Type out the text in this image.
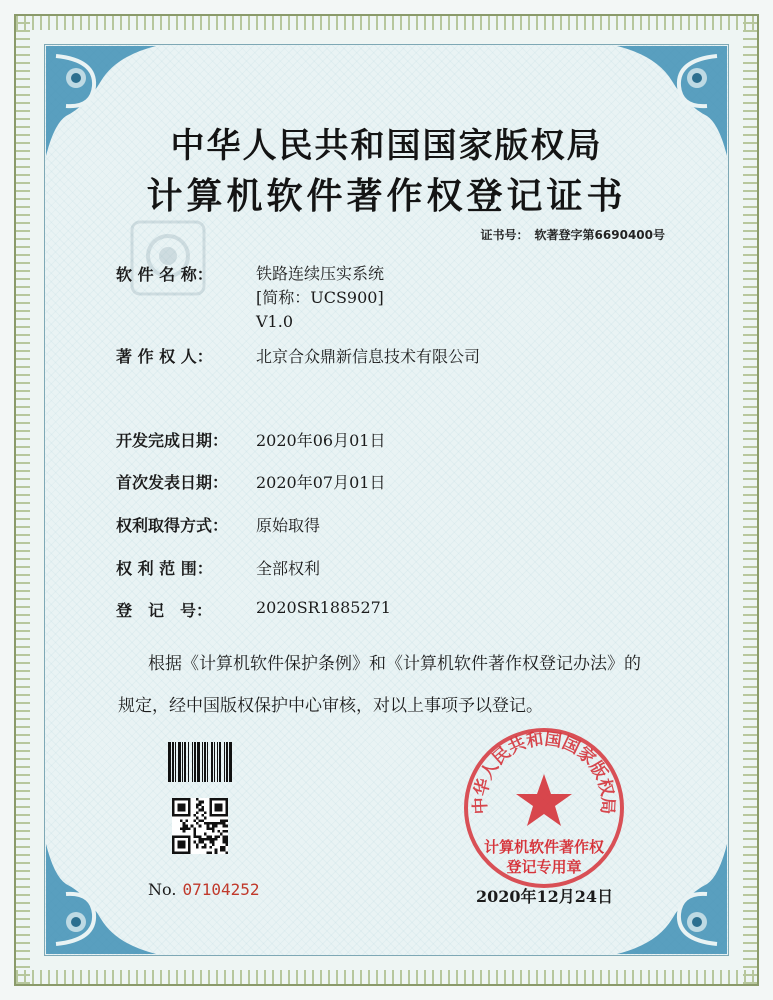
中华人民共和国国家版权局
计算机软件著作权登记证书
证书号： 软著登字第6690400号
软 件 名 称：	铁路连续压实系统
[简称：UCS900]
V1.0
著 作 权 人：	北京合众鼎新信息技术有限公司
开发完成日期： 2020年06月01日
首次发表日期： 2020年07月01日
权利取得方式： 原始取得
权 利 范 围：	全部权利
登　记　号：	2020SR1885271
根据《计算机软件保护条例》和《计算机软件著作权登记办法》的
规定，经中国版权保护中心审核，对以上事项予以登记。
No. 07104252
中华人民共和国国家版权局
计算机软件著作权
登记专用章
2020年12月24日
